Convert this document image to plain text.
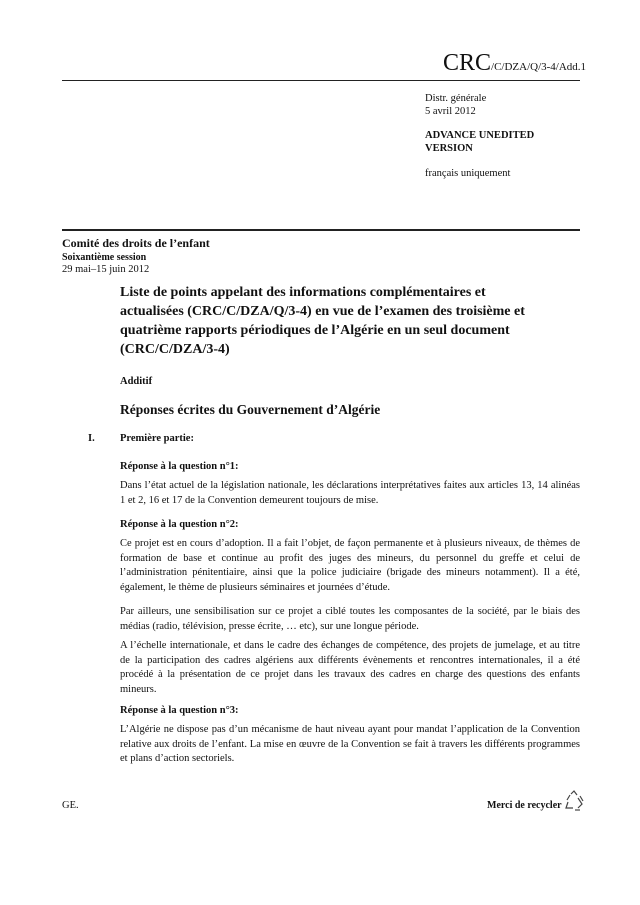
CRC/C/DZA/Q/3-4/Add.1
Distr. générale
5 avril 2012
ADVANCE UNEDITED VERSION
français uniquement
Comité des droits de l’enfant
Soixantième session
29 mai–15 juin 2012
Liste de points appelant des informations complémentaires et actualisées (CRC/C/DZA/Q/3-4) en vue de l’examen des troisième et quatrième rapports périodiques de l’Algérie en un seul document (CRC/C/DZA/3-4)
Additif
Réponses écrites du Gouvernement d’Algérie
I. Première partie:
Réponse à la question n°1:
Dans l’état actuel de la législation nationale, les déclarations interprétatives faites aux articles 13, 14 alinéas 1 et 2, 16 et 17 de la Convention demeurent toujours de mise.
Réponse à la question n°2:
Ce projet est en cours d’adoption. Il a fait l’objet, de façon permanente et à plusieurs niveaux, de thèmes de formation de base et continue au profit des juges des mineurs, du personnel du greffe et celui de l’administration pénitentiaire, ainsi que la police judiciaire (brigade des mineurs notamment). Il a été, également, le thème de plusieurs séminaires et journées d’étude.
Par ailleurs, une sensibilisation sur ce projet a ciblé toutes les composantes de la société, par le biais des médias (radio, télévision, presse écrite, … etc), sur une longue période.
A l’échelle internationale, et dans le cadre des échanges de compétence, des projets de jumelage, et au titre de la participation des cadres algériens aux différents évènements et rencontres internationales, il a été procédé à la présentation de ce projet dans les travaux des cadres en charge des questions des enfants mineurs.
Réponse à la question n°3:
L’Algérie ne dispose pas d’un mécanisme de haut niveau ayant pour mandat l’application de la Convention relative aux droits de l’enfant. La mise en œuvre de la Convention se fait à travers les différents programmes et plans d’action sectoriels.
GE.	Merci de recycler
